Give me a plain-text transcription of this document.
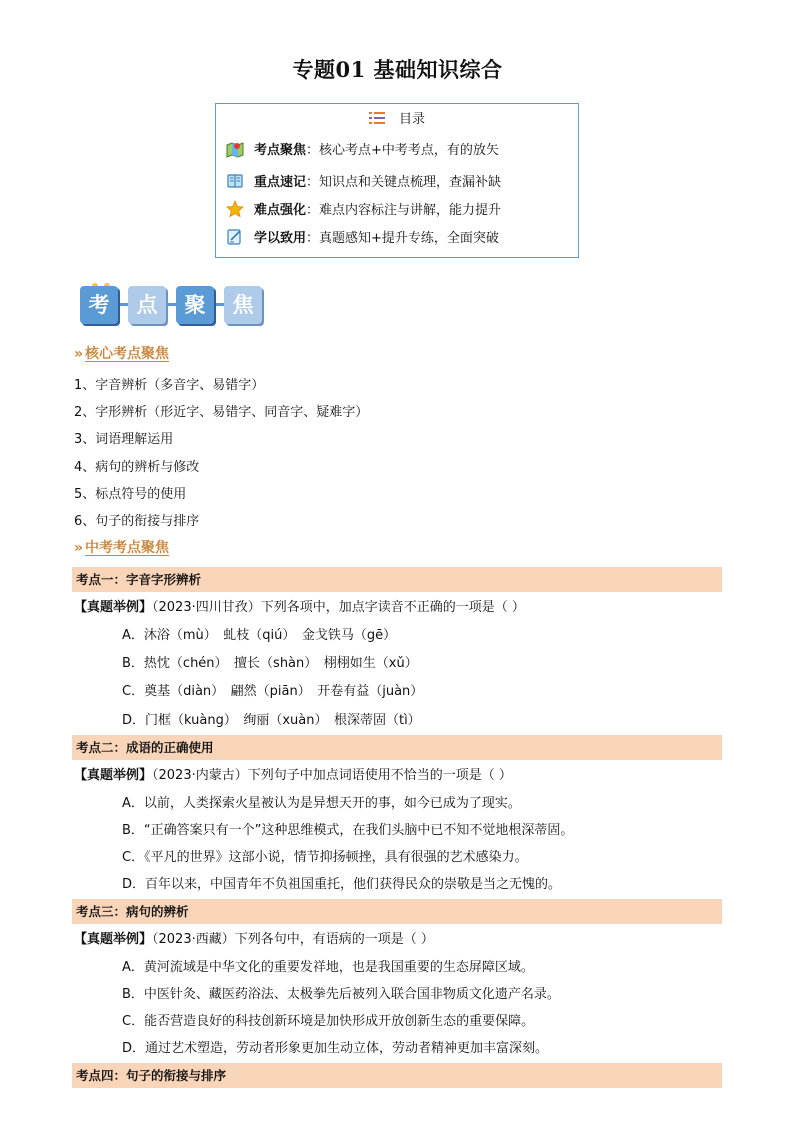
专题01 基础知识综合
目录
考点聚焦：核心考点+中考考点，有的放矢
重点速记：知识点和关键点梳理，查漏补缺
难点强化：难点内容标注与讲解，能力提升
学以致用：真题感知+提升专练，全面突破
考	点	聚	焦
» 核心考点聚焦
1、字音辨析（多音字、易错字）
2、字形辨析（形近字、易错字、同音字、疑难字）
3、词语理解运用
4、病句的辨析与修改
5、标点符号的使用
6、句子的衔接与排序
» 中考考点聚焦
考点一：字音字形辨析
【真题举例】（2023·四川甘孜）下列各项中，加点字读音不正确的一项是（ ）
A．沐浴（mù）　虬枝（qiú）　金戈铁马（gē）
B．热忱（chén）　擅长（shàn）　栩栩如生（xǔ）
C．奠基（diàn）　翩然（piān）　开卷有益（juàn）
D．门框（kuàng）　绚丽（xuàn）　根深蒂固（tì）
考点二：成语的正确使用
【真题举例】（2023·内蒙古）下列句子中加点词语使用不恰当的一项是（ ）
A．以前，人类探索火星被认为是异想天开的事，如今已成为了现实。
B．“正确答案只有一个”这种思维模式，在我们头脑中已不知不觉地根深蒂固。
C．《平凡的世界》这部小说，情节抑扬顿挫，具有很强的艺术感染力。
D．百年以来，中国青年不负祖国重托，他们获得民众的崇敬是当之无愧的。
考点三：病句的辨析
【真题举例】（2023·西藏）下列各句中，有语病的一项是（ ）
A．黄河流域是中华文化的重要发祥地，也是我国重要的生态屏障区域。
B．中医针灸、藏医药浴法、太极拳先后被列入联合国非物质文化遗产名录。
C．能否营造良好的科技创新环境是加快形成开放创新生态的重要保障。
D．通过艺术塑造，劳动者形象更加生动立体，劳动者精神更加丰富深刻。
考点四：句子的衔接与排序
